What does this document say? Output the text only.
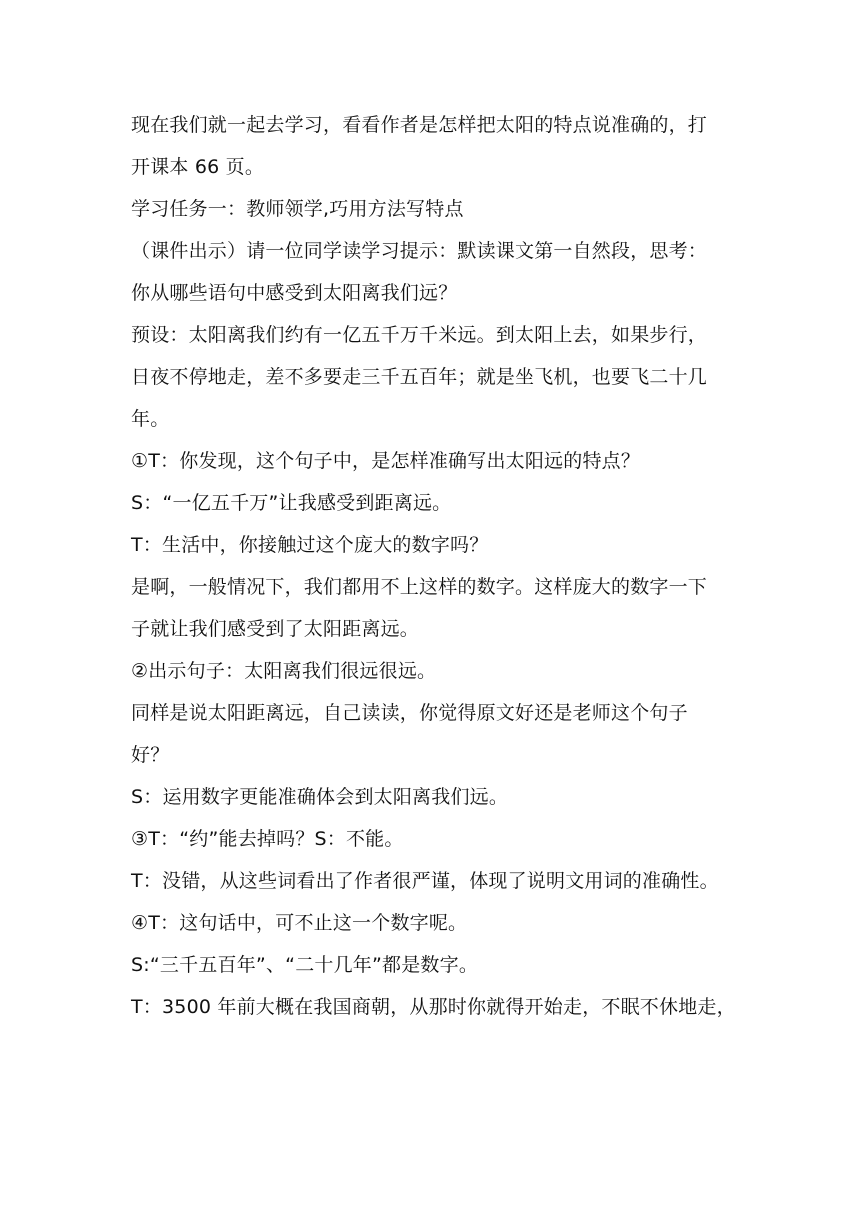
现在我们就一起去学习，看看作者是怎样把太阳的特点说准确的，打
开课本 66 页。
学习任务一：教师领学,巧用方法写特点
（课件出示）请一位同学读学习提示：默读课文第一自然段，思考：
你从哪些语句中感受到太阳离我们远？
预设：太阳离我们约有一亿五千万千米远。到太阳上去，如果步行，
日夜不停地走，差不多要走三千五百年；就是坐飞机，也要飞二十几
年。
①T：你发现，这个句子中，是怎样准确写出太阳远的特点？
S：“一亿五千万”让我感受到距离远。
T：生活中，你接触过这个庞大的数字吗？
是啊，一般情况下，我们都用不上这样的数字。这样庞大的数字一下
子就让我们感受到了太阳距离远。
②出示句子：太阳离我们很远很远。
同样是说太阳距离远，自己读读，你觉得原文好还是老师这个句子
好？
S：运用数字更能准确体会到太阳离我们远。
③T：“约”能去掉吗？S：不能。
T：没错，从这些词看出了作者很严谨，体现了说明文用词的准确性。
④T：这句话中，可不止这一个数字呢。
S:“三千五百年”、“二十几年”都是数字。
T：3500 年前大概在我国商朝，从那时你就得开始走，不眠不休地走，
